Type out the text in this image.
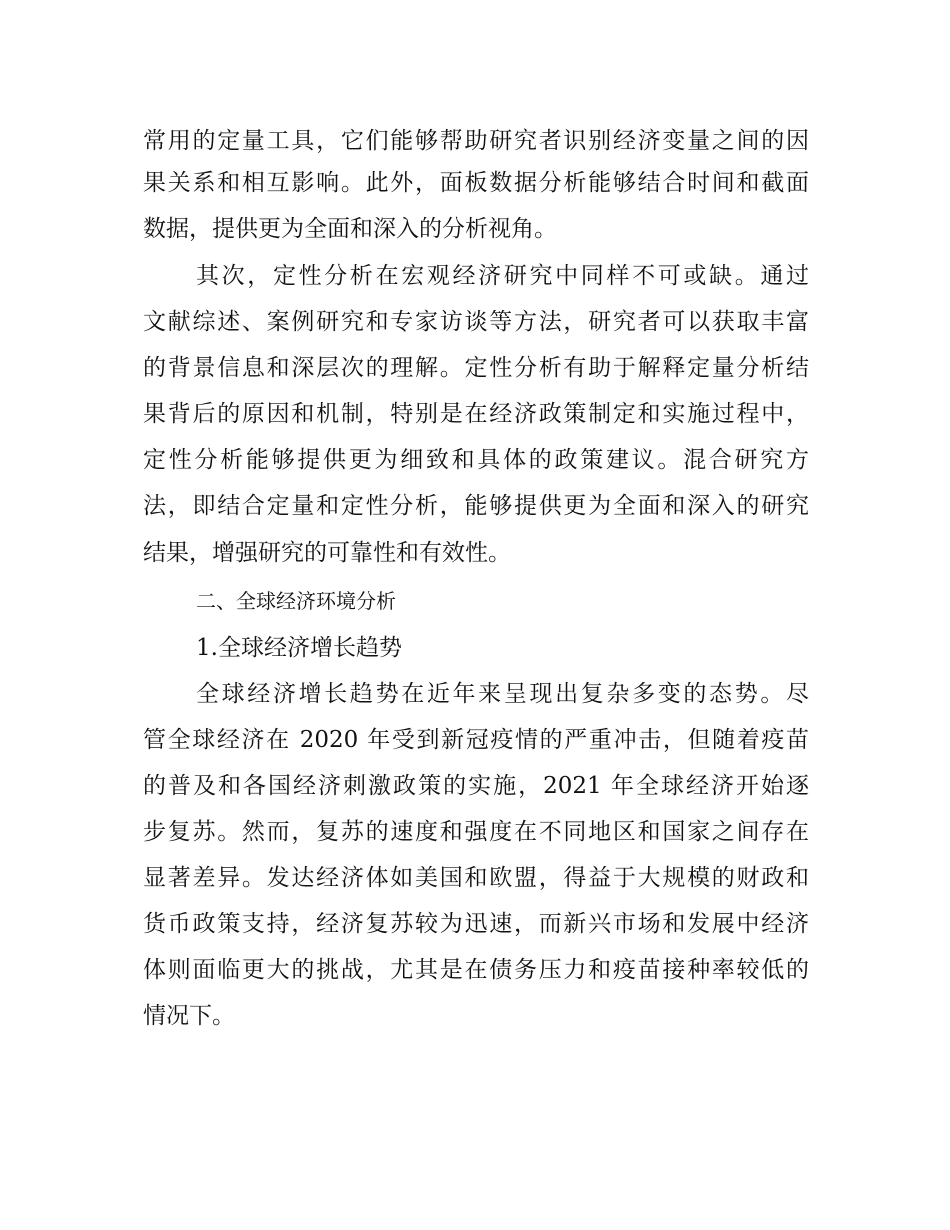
常用的定量工具，它们能够帮助研究者识别经济变量之间的因
果关系和相互影响。此外，面板数据分析能够结合时间和截面
数据，提供更为全面和深入的分析视角。
其次，定性分析在宏观经济研究中同样不可或缺。通过
文献综述、案例研究和专家访谈等方法，研究者可以获取丰富
的背景信息和深层次的理解。定性分析有助于解释定量分析结
果背后的原因和机制，特别是在经济政策制定和实施过程中，
定性分析能够提供更为细致和具体的政策建议。混合研究方
法，即结合定量和定性分析，能够提供更为全面和深入的研究
结果，增强研究的可靠性和有效性。
二、全球经济环境分析
1.全球经济增长趋势
全球经济增长趋势在近年来呈现出复杂多变的态势。尽
管全球经济在 2020 年受到新冠疫情的严重冲击，但随着疫苗
的普及和各国经济刺激政策的实施，2021 年全球经济开始逐
步复苏。然而，复苏的速度和强度在不同地区和国家之间存在
显著差异。发达经济体如美国和欧盟，得益于大规模的财政和
货币政策支持，经济复苏较为迅速，而新兴市场和发展中经济
体则面临更大的挑战，尤其是在债务压力和疫苗接种率较低的
情况下。
